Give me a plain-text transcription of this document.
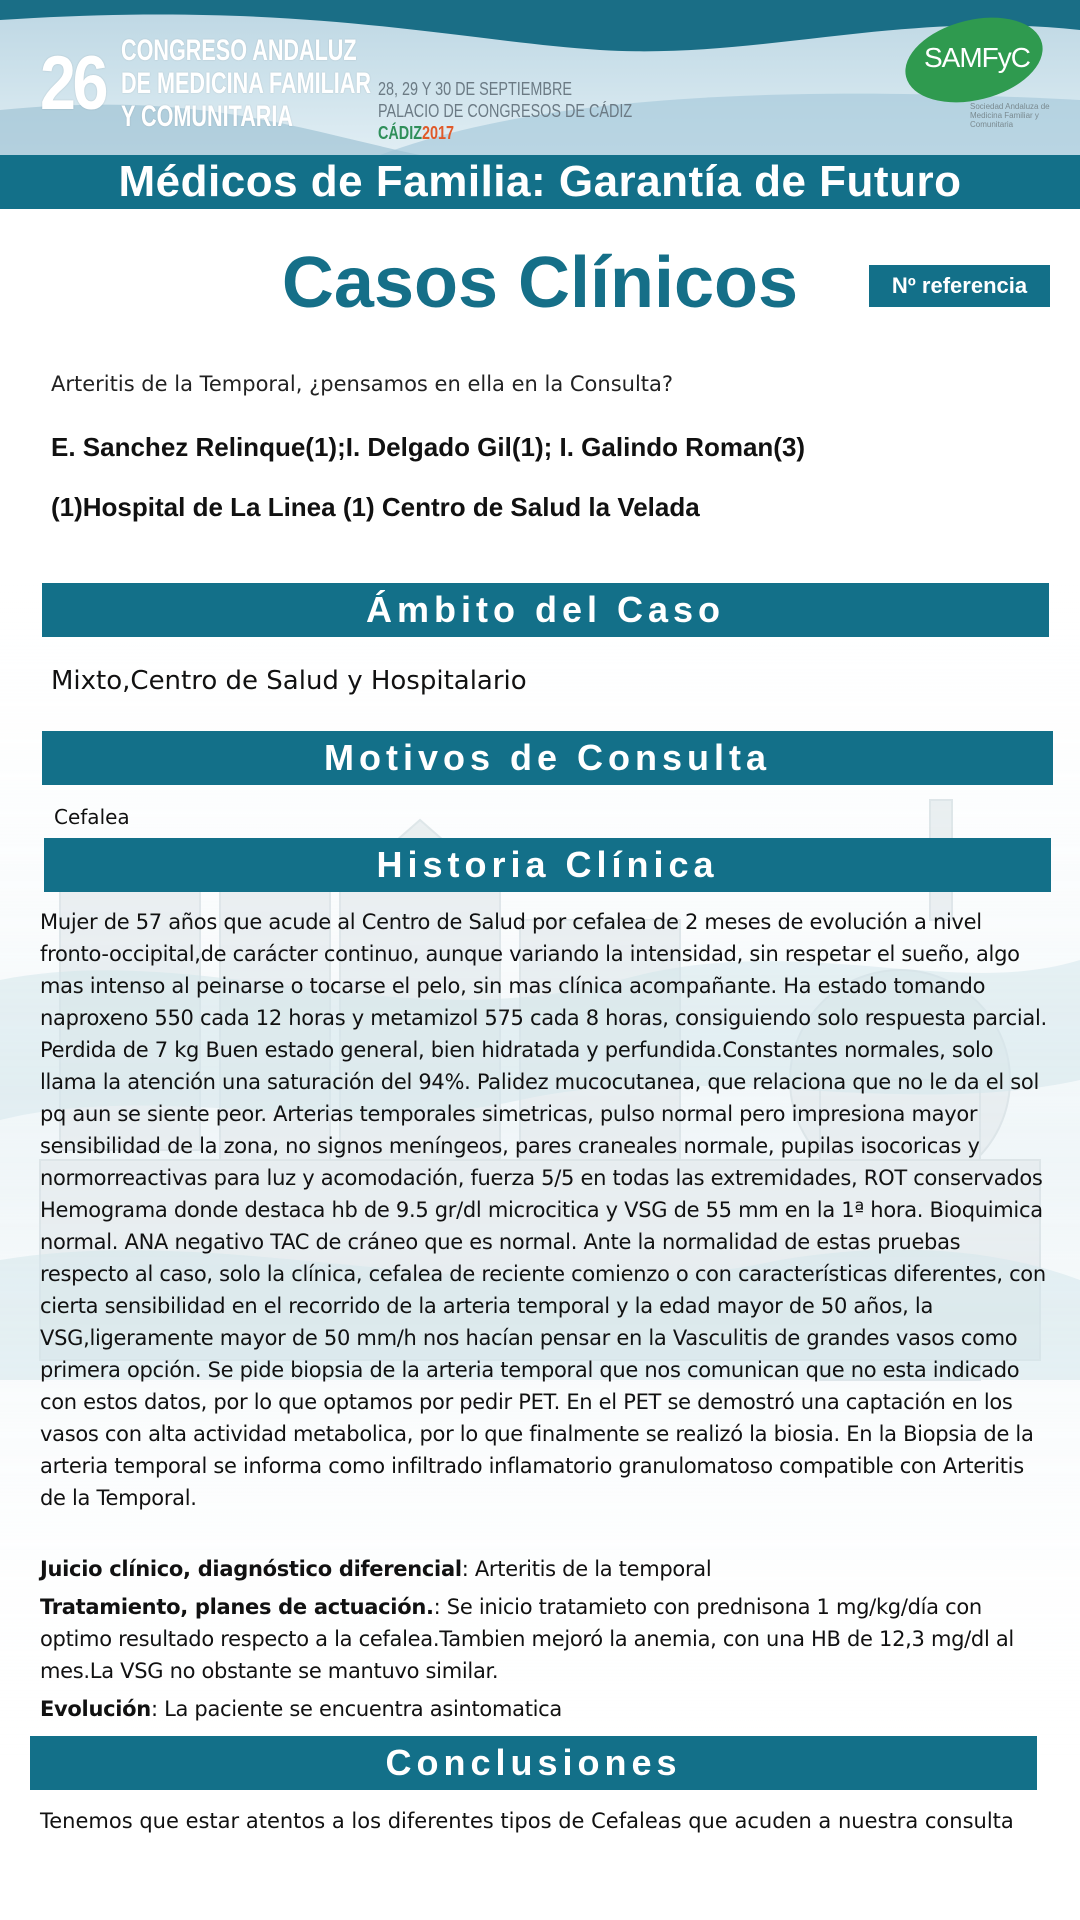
26 CONGRESO ANDALUZ
DE MEDICINA FAMILIAR
Y COMUNITARIA
28, 29 Y 30 DE SEPTIEMBRE
PALACIO DE CONGRESOS DE CÁDIZ
CÁDIZ2017
SAMFyC
Sociedad Andaluza de Medicina Familiar y Comunitaria
Médicos de Familia: Garantía de Futuro
Casos Clínicos	Nº referencia
Arteritis de la Temporal, ¿pensamos en ella en la Consulta?
E. Sanchez Relinque(1);I. Delgado Gil(1); I. Galindo Roman(3)
(1)Hospital de La Linea (1) Centro de Salud la Velada
Ámbito del Caso
Mixto,Centro de Salud y Hospitalario
Motivos de Consulta
Cefalea
Historia Clínica
Mujer de 57 años que acude al Centro de Salud por cefalea de 2 meses de evolución a nivel fronto-occipital,de carácter continuo, aunque variando la intensidad, sin respetar el sueño, algo mas intenso al peinarse o tocarse el pelo, sin mas clínica acompañante. Ha estado tomando naproxeno 550 cada 12 horas y metamizol 575 cada 8 horas, consiguiendo solo respuesta parcial. Perdida de 7 kg Buen estado general, bien hidratada y perfundida.Constantes normales, solo llama la atención una saturación del 94%. Palidez mucocutanea, que relaciona que no le da el sol pq aun se siente peor. Arterias temporales simetricas, pulso normal pero impresiona mayor sensibilidad de la zona, no signos meníngeos, pares craneales normale, pupilas isocoricas y normorreactivas para luz y acomodación, fuerza 5/5 en todas las extremidades, ROT conservados Hemograma donde destaca hb de 9.5 gr/dl microcitica y VSG de 55 mm en la 1ª hora. Bioquimica normal. ANA negativo TAC de cráneo que es normal. Ante la normalidad de estas pruebas respecto al caso, solo la clínica, cefalea de reciente comienzo o con características diferentes, con cierta sensibilidad en el recorrido de la arteria temporal y la edad mayor de 50 años, la VSG,ligeramente mayor de 50 mm/h nos hacían pensar en la Vasculitis de grandes vasos como primera opción. Se pide biopsia de la arteria temporal que nos comunican que no esta indicado con estos datos, por lo que optamos por pedir PET. En el PET se demostró una captación en los vasos con alta actividad metabolica, por lo que finalmente se realizó la biosia. En la Biopsia de la arteria temporal se informa como infiltrado inflamatorio granulomatoso compatible con Arteritis de la Temporal.
Juicio clínico, diagnóstico diferencial: Arteritis de la temporal
Tratamiento, planes de actuación.: Se inicio tratamieto con prednisona 1 mg/kg/día con optimo resultado respecto a la cefalea.Tambien mejoró la anemia, con una HB de 12,3 mg/dl al mes.La VSG no obstante se mantuvo similar.
Evolución: La paciente se encuentra asintomatica
Conclusiones
Tenemos que estar atentos a los diferentes tipos de Cefaleas que acuden a nuestra consulta
